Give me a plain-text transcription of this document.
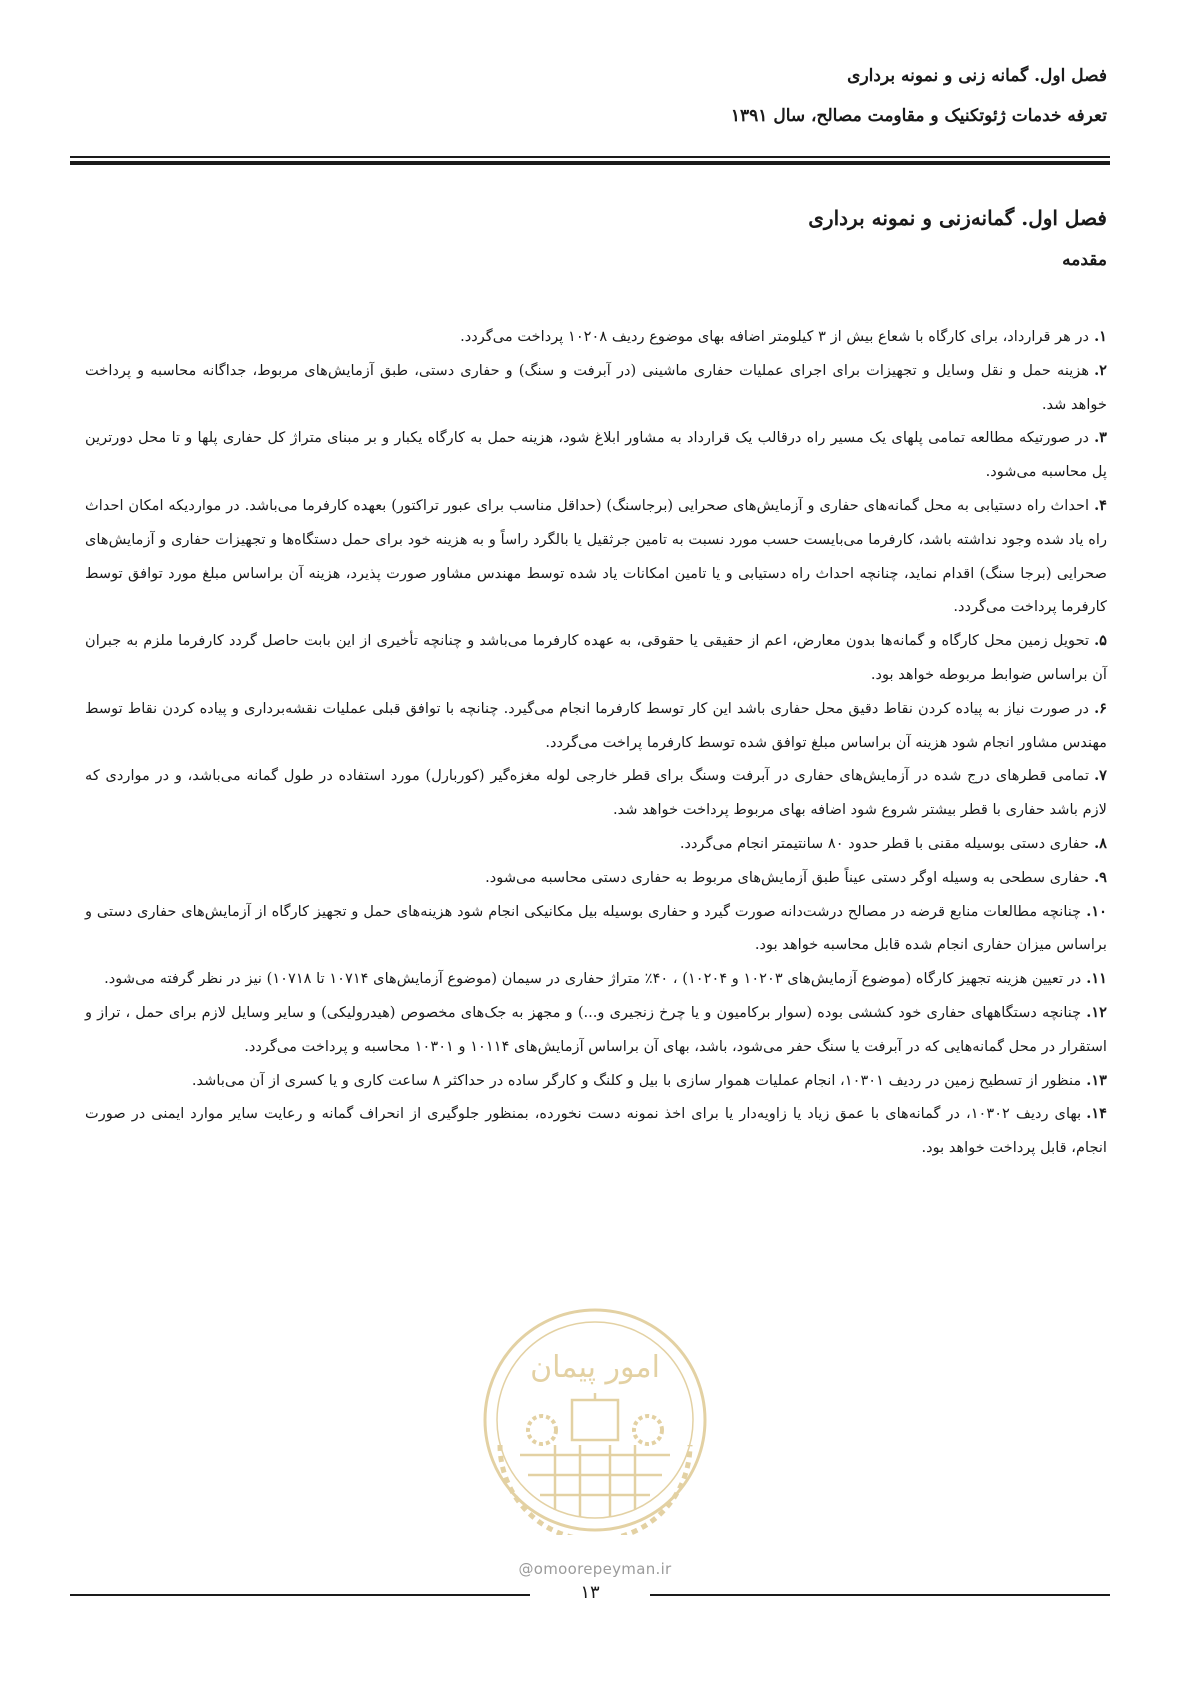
فصل اول. گمانه زنی و نمونه برداری
تعرفه خدمات ژئوتکنیک و مقاومت مصالح، سال ۱۳۹۱
فصل اول. گمانه‌زنی و نمونه برداری
مقدمه

۱.در هر قرارداد، برای کارگاه با شعاع بیش از ۳ کیلومتر اضافه بهای موضوع ردیف ۱۰۲۰۸ پرداخت می‌گردد.

۲.هزینه حمل و نقل وسایل و تجهیزات برای اجرای عملیات حفاری ماشینی (در آبرفت و سنگ) و حفاری دستی، طبق آزمایش‌های مربوط، جداگانه محاسبه و پرداخت خواهد شد.

۳.در صورتیکه مطالعه تمامی پلهای یک مسیر راه درقالب یک قرارداد به مشاور ابلاغ شود، هزینه حمل به کارگاه یکبار و بر مبنای متراژ کل حفاری پلها و تا محل دورترین پل محاسبه می‌شود.

۴.احداث راه دستیابی به محل گمانه‌های حفاری و آزمایش‌های صحرایی (برجاسنگ) (حداقل مناسب برای عبور تراکتور) بعهده کارفرما می‌باشد. در مواردیکه امکان احداث راه یاد شده وجود نداشته باشد، کارفرما می‌بایست حسب مورد نسبت به تامین جرثقیل یا بالگرد راساً و به هزینه خود برای حمل دستگاه‌ها و تجهیزات حفاری و آزمایش‌های صحرایی (برجا سنگ) اقدام نماید، چنانچه احداث راه دستیابی و یا تامین امکانات یاد شده توسط مهندس مشاور صورت پذیرد، هزینه آن براساس مبلغ مورد توافق توسط کارفرما پرداخت می‌گردد.

۵.تحویل زمین محل کارگاه و گمانه‌ها بدون معارض، اعم از حقیقی یا حقوقی، به عهده کارفرما می‌باشد و چنانچه تأخیری از این بابت حاصل گردد کارفرما ملزم به جبران آن براساس ضوابط مربوطه خواهد بود.

۶.در صورت نیاز به پیاده کردن نقاط دقیق محل حفاری باشد این کار توسط کارفرما انجام می‌گیرد. چنانچه با توافق قبلی عملیات نقشه‌برداری و پیاده کردن نقاط توسط مهندس مشاور انجام شود هزینه آن براساس مبلغ توافق شده توسط کارفرما پراخت می‌گردد.

۷.تمامی قطرهای درج شده در آزمایش‌های حفاری در آبرفت وسنگ برای قطر خارجی لوله مغزه‌گیر (کوربارل) مورد استفاده در طول گمانه می‌باشد، و در مواردی که لازم باشد حفاری با قطر بیشتر شروع شود اضافه بهای مربوط پرداخت خواهد شد.

۸.حفاری دستی بوسیله مقنی با قطر حدود ۸۰ سانتیمتر انجام می‌گردد.

۹.حفاری سطحی به وسیله اوگر دستی عیناً طبق آزمایش‌های مربوط به حفاری دستی محاسبه می‌شود.

۱۰.چنانچه مطالعات منابع قرضه در مصالح درشت‌دانه صورت گیرد و حفاری بوسیله بیل مکانیکی انجام شود هزینه‌های حمل و تجهیز کارگاه از آزمایش‌های حفاری دستی و براساس میزان حفاری انجام شده قابل محاسبه خواهد بود.

۱۱.در تعیین هزینه تجهیز کارگاه (موضوع آزمایش‌های ۱۰۲۰۳ و ۱۰۲۰۴) ، ۴۰٪ متراژ حفاری در سیمان (موضوع آزمایش‌های ۱۰۷۱۴ تا ۱۰۷۱۸) نیز در نظر گرفته می‌شود.

۱۲.چنانچه دستگاههای حفاری خود کششی بوده (سوار برکامیون و یا چرخ زنجیری و...) و مجهز به جک‌های مخصوص (هیدرولیکی) و سایر وسایل لازم برای حمل ، تراز و استقرار در محل گمانه‌هایی که در آبرفت یا سنگ حفر می‌شود، باشد، بهای آن براساس آزمایش‌های ۱۰۱۱۴ و ۱۰۳۰۱ محاسبه و پرداخت می‌گردد.

۱۳.منظور از تسطیح زمین در ردیف ۱۰۳۰۱، انجام عملیات هموار سازی با بیل و کلنگ و کارگر ساده در حداکثر ۸ ساعت کاری و یا کسری از آن می‌باشد.

۱۴.بهای ردیف ۱۰۳۰۲، در گمانه‌های با عمق زیاد یا زاویه‌دار یا برای اخذ نمونه دست نخورده، بمنظور جلوگیری از انحراف گمانه و رعایت سایر موارد ایمنی در صورت انجام، قابل پرداخت خواهد بود.

امور پیمان
@omoorepeyman.ir
۱۳
